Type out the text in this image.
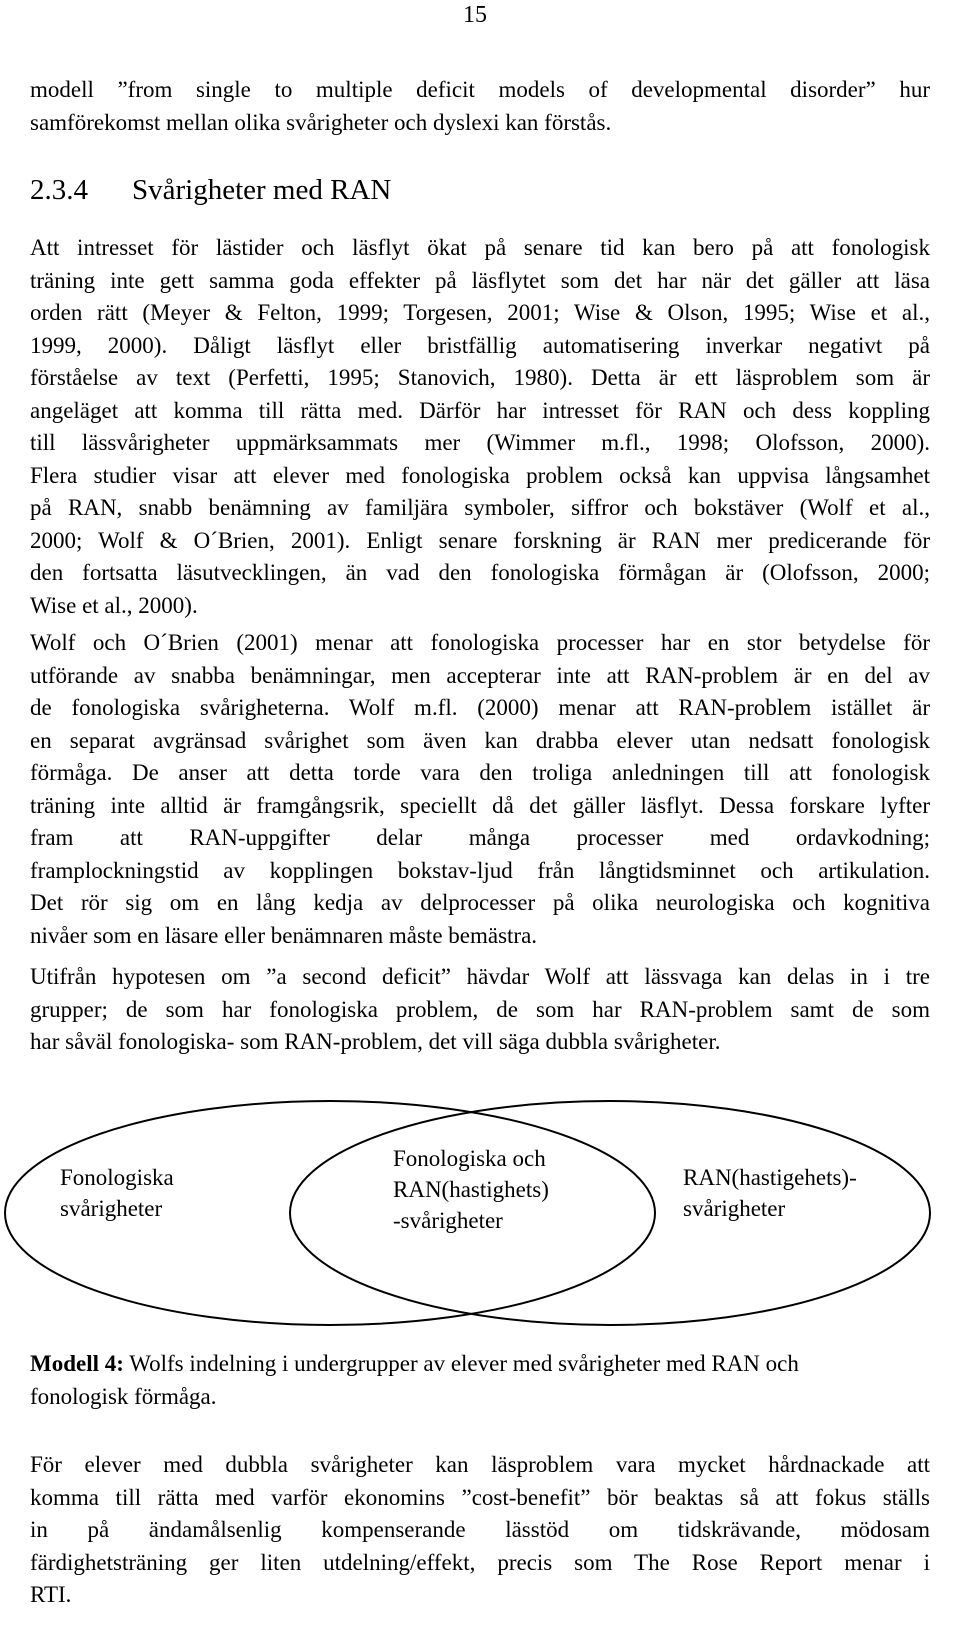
15
modell ”from single to multiple deficit models of developmental disorder” hur
samförekomst mellan olika svårigheter och dyslexi kan förstås.
2.3.4 Svårigheter med RAN
Att intresset för lästider och läsflyt ökat på senare tid kan bero på att fonologisk
träning inte gett samma goda effekter på läsflytet som det har när det gäller att läsa
orden rätt (Meyer & Felton, 1999; Torgesen, 2001; Wise & Olson, 1995; Wise et al.,
1999, 2000). Dåligt läsflyt eller bristfällig automatisering inverkar negativt på
förståelse av text (Perfetti, 1995; Stanovich, 1980). Detta är ett läsproblem som är
angeläget att komma till rätta med. Därför har intresset för RAN och dess koppling
till lässvårigheter uppmärksammats mer (Wimmer m.fl., 1998; Olofsson, 2000).
Flera studier visar att elever med fonologiska problem också kan uppvisa långsamhet
på RAN, snabb benämning av familjära symboler, siffror och bokstäver (Wolf et al.,
2000; Wolf & O´Brien, 2001). Enligt senare forskning är RAN mer predicerande för
den fortsatta läsutvecklingen, än vad den fonologiska förmågan är (Olofsson, 2000;
Wise et al., 2000).
Wolf och O´Brien (2001) menar att fonologiska processer har en stor betydelse för
utförande av snabba benämningar, men accepterar inte att RAN-problem är en del av
de fonologiska svårigheterna. Wolf m.fl. (2000) menar att RAN-problem istället är
en separat avgränsad svårighet som även kan drabba elever utan nedsatt fonologisk
förmåga. De anser att detta torde vara den troliga anledningen till att fonologisk
träning inte alltid är framgångsrik, speciellt då det gäller läsflyt. Dessa forskare lyfter
fram att RAN-uppgifter delar många processer med ordavkodning;
framplockningstid av kopplingen bokstav-ljud från långtidsminnet och artikulation.
Det rör sig om en lång kedja av delprocesser på olika neurologiska och kognitiva
nivåer som en läsare eller benämnaren måste bemästra.
Utifrån hypotesen om ”a second deficit” hävdar Wolf att lässvaga kan delas in i tre
grupper; de som har fonologiska problem, de som har RAN-problem samt de som
har såväl fonologiska- som RAN-problem, det vill säga dubbla svårigheter.
Fonologiska
svårigheter
Fonologiska och
RAN(hastighets)
-svårigheter
RAN(hastigehets)-
svårigheter
Modell 4: Wolfs indelning i undergrupper av elever med svårigheter med RAN och
fonologisk förmåga.
För elever med dubbla svårigheter kan läsproblem vara mycket hårdnackade att
komma till rätta med varför ekonomins ”cost-benefit” bör beaktas så att fokus ställs
in på ändamålsenlig kompenserande lässtöd om tidskrävande, mödosam
färdighetsträning ger liten utdelning/effekt, precis som The Rose Report menar i
RTI.
